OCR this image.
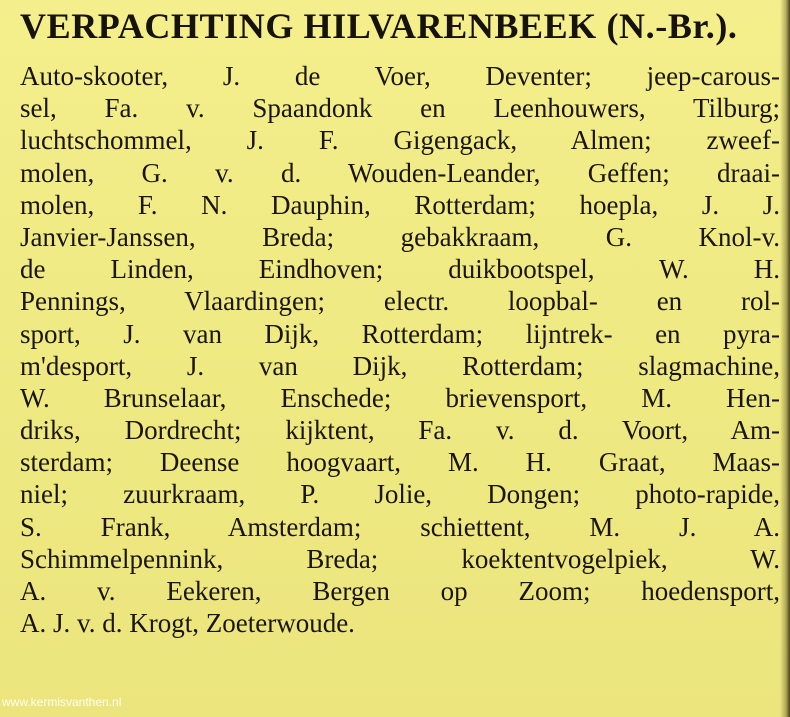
VERPACHTING HILVARENBEEK (N.-Br.).
Auto-skooter, J. de Voer, Deventer; jeep-carous-
sel, Fa. v. Spaandonk en Leenhouwers, Tilburg;
luchtschommel, J. F. Gigengack, Almen; zweef-
molen, G. v. d. Wouden-Leander, Geffen; draai-
molen, F. N. Dauphin, Rotterdam; hoepla, J. J.
Janvier-Janssen, Breda; gebakkraam, G. Knol-v.
de Linden, Eindhoven; duikbootspel, W. H.
Pennings, Vlaardingen; electr. loopbal- en rol-
sport, J. van Dijk, Rotterdam; lijntrek- en pyra-
m'desport, J. van Dijk, Rotterdam; slagmachine,
W. Brunselaar, Enschede; brievensport, M. Hen-
driks, Dordrecht; kijktent, Fa. v. d. Voort, Am-
sterdam; Deense hoogvaart, M. H. Graat, Maas-
niel; zuurkraam, P. Jolie, Dongen; photo-rapide,
S. Frank, Amsterdam; schiettent, M. J. A.
Schimmelpennink, Breda; koektentvogelpiek, W.
A. v. Eekeren, Bergen op Zoom; hoedensport,
A. J. v. d. Krogt, Zoeterwoude.
www.kermisvanthen.nl
